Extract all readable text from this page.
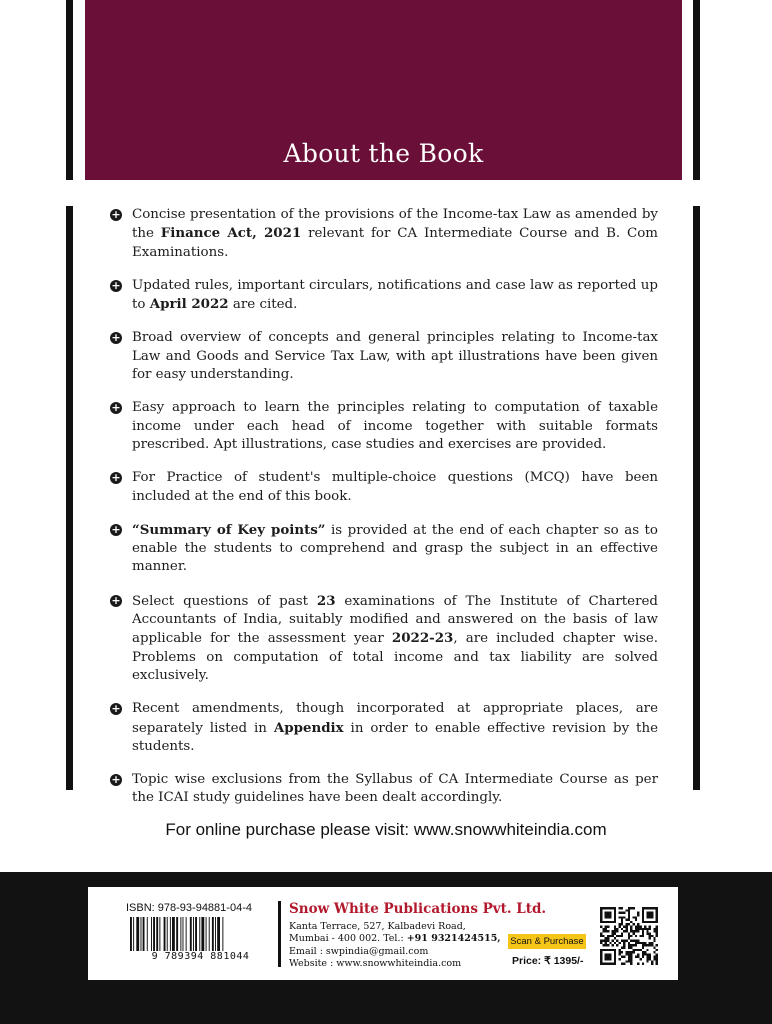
About the Book
+ Concise presentation of the provisions of the Income-tax Law as amended by the Finance Act, 2021 relevant for CA Intermediate Course and B. Com Examinations.
+ Updated rules, important circulars, notifications and case law as reported up to April 2022 are cited.
+ Broad overview of concepts and general principles relating to Income-tax Law and Goods and Service Tax Law, with apt illustrations have been given for easy understanding.
+ Easy approach to learn the principles relating to computation of taxable income under each head of income together with suitable formats prescribed. Apt illustrations, case studies and exercises are provided.
+ For Practice of student's multiple-choice questions (MCQ) have been included at the end of this book.
+ “Summary of Key points” is provided at the end of each chapter so as to enable the students to comprehend and grasp the subject in an effective manner.
+ Select questions of past 23 examinations of The Institute of Chartered Accountants of India, suitably modified and answered on the basis of law applicable for the assessment year 2022-23, are included chapter wise. Problems on computation of total income and tax liability are solved exclusively.
+ Recent amendments, though incorporated at appropriate places, are separately listed in Appendix in order to enable effective revision by the students.
+ Topic wise exclusions from the Syllabus of CA Intermediate Course as per the ICAI study guidelines have been dealt accordingly.
For online purchase please visit: www.snowwhiteindia.com
ISBN: 978-93-94881-04-4
9 789394 881044
Snow White Publications Pvt. Ltd.
Kanta Terrace, 527, Kalbadevi Road,
Mumbai - 400 002. Tel.: +91 9321424515,
Email : swpindia@gmail.com
Website : www.snowwhiteindia.com
Scan & Purchase
Price: ₹ 1395/-
